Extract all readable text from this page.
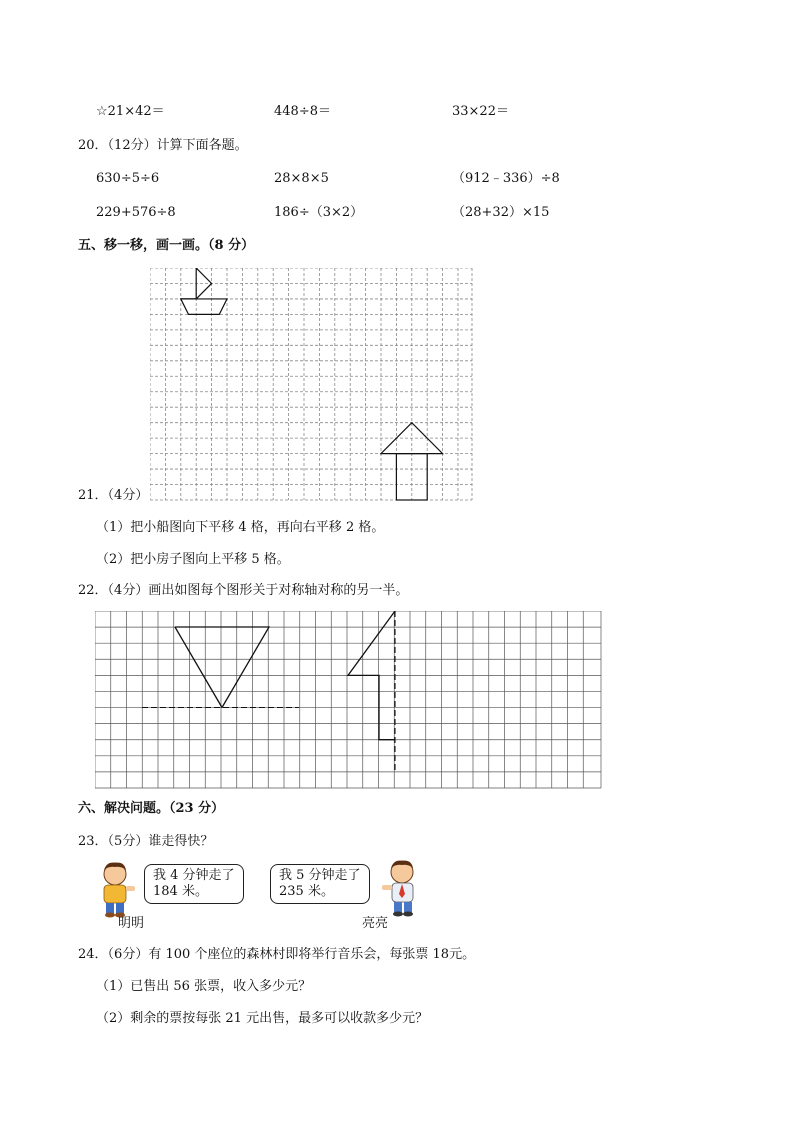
☆21×42＝	448÷8＝	33×22＝
20．（12分）计算下面各题。
630÷5÷6	28×8×5	（912﹣336）÷8
229+576÷8	186÷（3×2）	（28+32）×15
五、移一移，画一画。（8 分）
21．（4分）
（1）把小船图向下平移 4 格，再向右平移 2 格。
（2）把小房子图向上平移 5 格。
22．（4分）画出如图每个图形关于对称轴对称的另一半。
六、解决问题。（23 分）
23．（5分）谁走得快？
我 4 分钟走了
184 米。
明明
我 5 分钟走了
235 米。
亮亮
24．（6分）有 100 个座位的森林村即将举行音乐会，每张票 18元。
（1）已售出 56 张票，收入多少元？
（2）剩余的票按每张 21 元出售，最多可以收款多少元？
